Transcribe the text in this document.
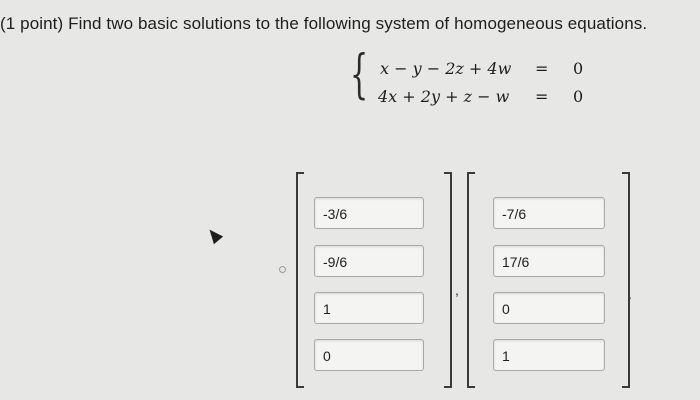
(1 point) Find two basic solutions to the following system of homogeneous equations.
{ x − y − 2z + 4w = 0
4x + 2y + z − w = 0
-3/6
-9/6
1
0
,
-7/6
17/6
0
1
.
